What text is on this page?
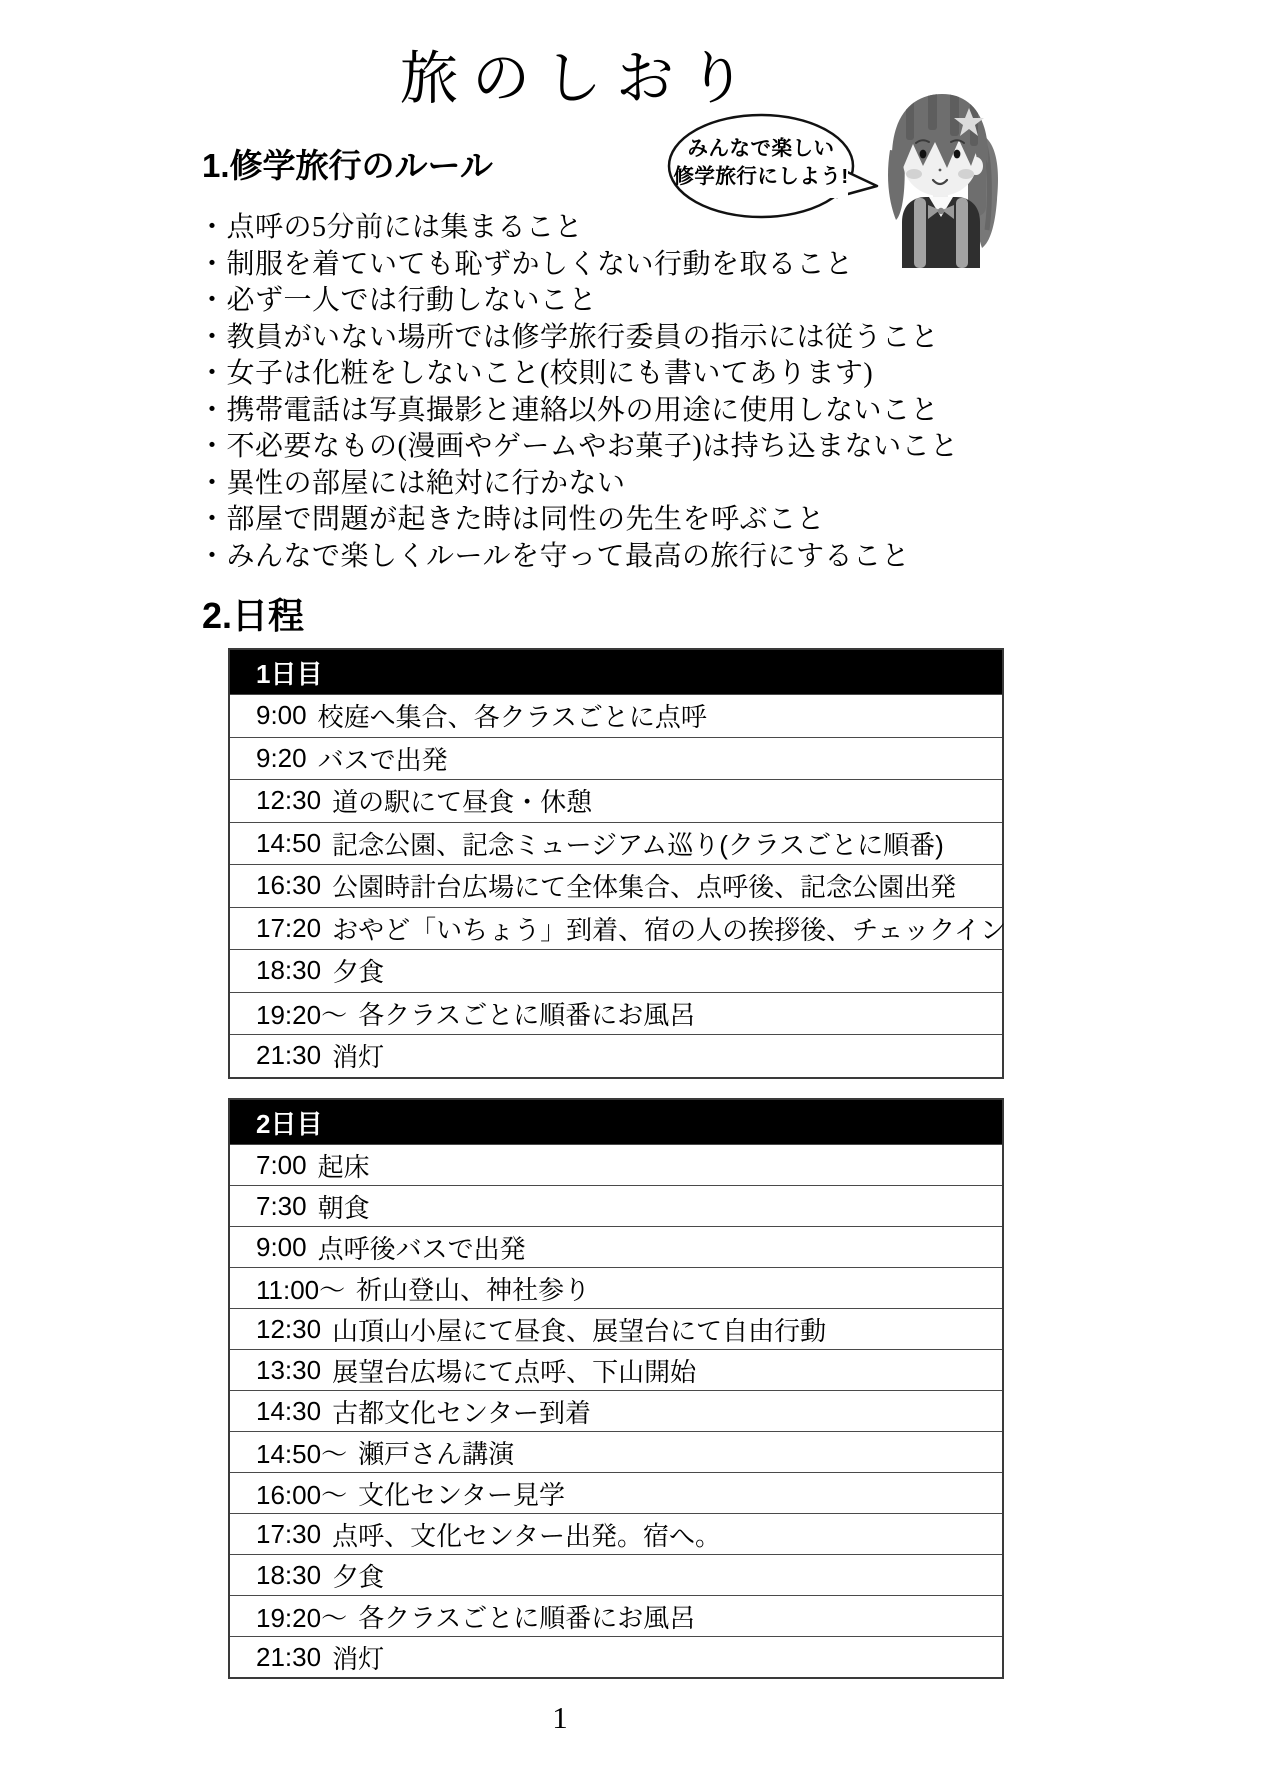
旅のしおり
みんなで楽しい
修学旅行にしよう!
1.修学旅行のルール
・点呼の5分前には集まること
・制服を着ていても恥ずかしくない行動を取ること
・必ず一人では行動しないこと
・教員がいない場所では修学旅行委員の指示には従うこと
・女子は化粧をしないこと(校則にも書いてあります)
・携帯電話は写真撮影と連絡以外の用途に使用しないこと
・不必要なもの(漫画やゲームやお菓子)は持ち込まないこと
・異性の部屋には絶対に行かない
・部屋で問題が起きた時は同性の先生を呼ぶこと
・みんなで楽しくルールを守って最高の旅行にすること
2.日程
1日目
9:00 校庭へ集合、各クラスごとに点呼
9:20 バスで出発
12:30 道の駅にて昼食・休憩
14:50 記念公園、記念ミュージアム巡り(クラスごとに順番)
16:30 公園時計台広場にて全体集合、点呼後、記念公園出発
17:20 おやど「いちょう」到着、宿の人の挨拶後、チェックイン
18:30 夕食
19:20〜 各クラスごとに順番にお風呂
21:30 消灯
2日目
7:00 起床
7:30 朝食
9:00 点呼後バスで出発
11:00〜 祈山登山、神社参り
12:30 山頂山小屋にて昼食、展望台にて自由行動
13:30 展望台広場にて点呼、下山開始
14:30 古都文化センター到着
14:50〜 瀬戸さん講演
16:00〜 文化センター見学
17:30 点呼、文化センター出発。宿へ。
18:30 夕食
19:20〜 各クラスごとに順番にお風呂
21:30 消灯
1
